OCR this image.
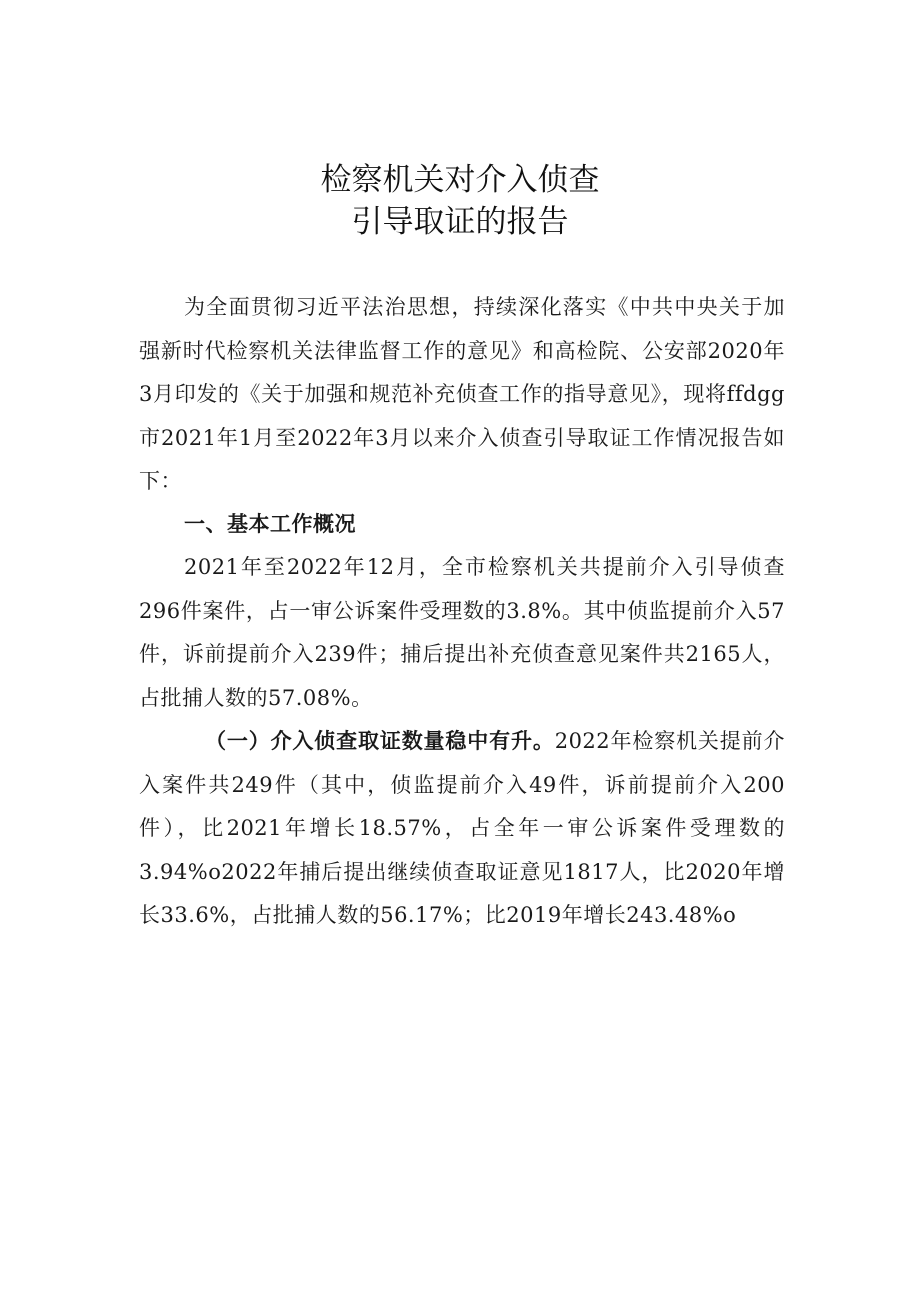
检察机关对介入侦查
引导取证的报告

为全面贯彻习近平法治思想，持续深化落实《中共中央关于加强新时代检察机关法律监督工作的意见》和高检院、公安部2020年3月印发的《关于加强和规范补充侦查工作的指导意见》，现将ffdgg市2021年1月至2022年3月以来介入侦查引导取证工作情况报告如下：

一、基本工作概况

2021年至2022年12月，全市检察机关共提前介入引导侦查296件案件，占一审公诉案件受理数的3.8%。其中侦监提前介入57件，诉前提前介入239件；捕后提出补充侦查意见案件共2165人，占批捕人数的57.08%。

（一）介入侦查取证数量稳中有升。2022年检察机关提前介入案件共249件（其中，侦监提前介入49件，诉前提前介入200件），比2021年增长18.57%，占全年一审公诉案件受理数的3.94%o2022年捕后提出继续侦查取证意见1817人，比2020年增长33.6%，占批捕人数的56.17%；比2019年增长243.48%o
